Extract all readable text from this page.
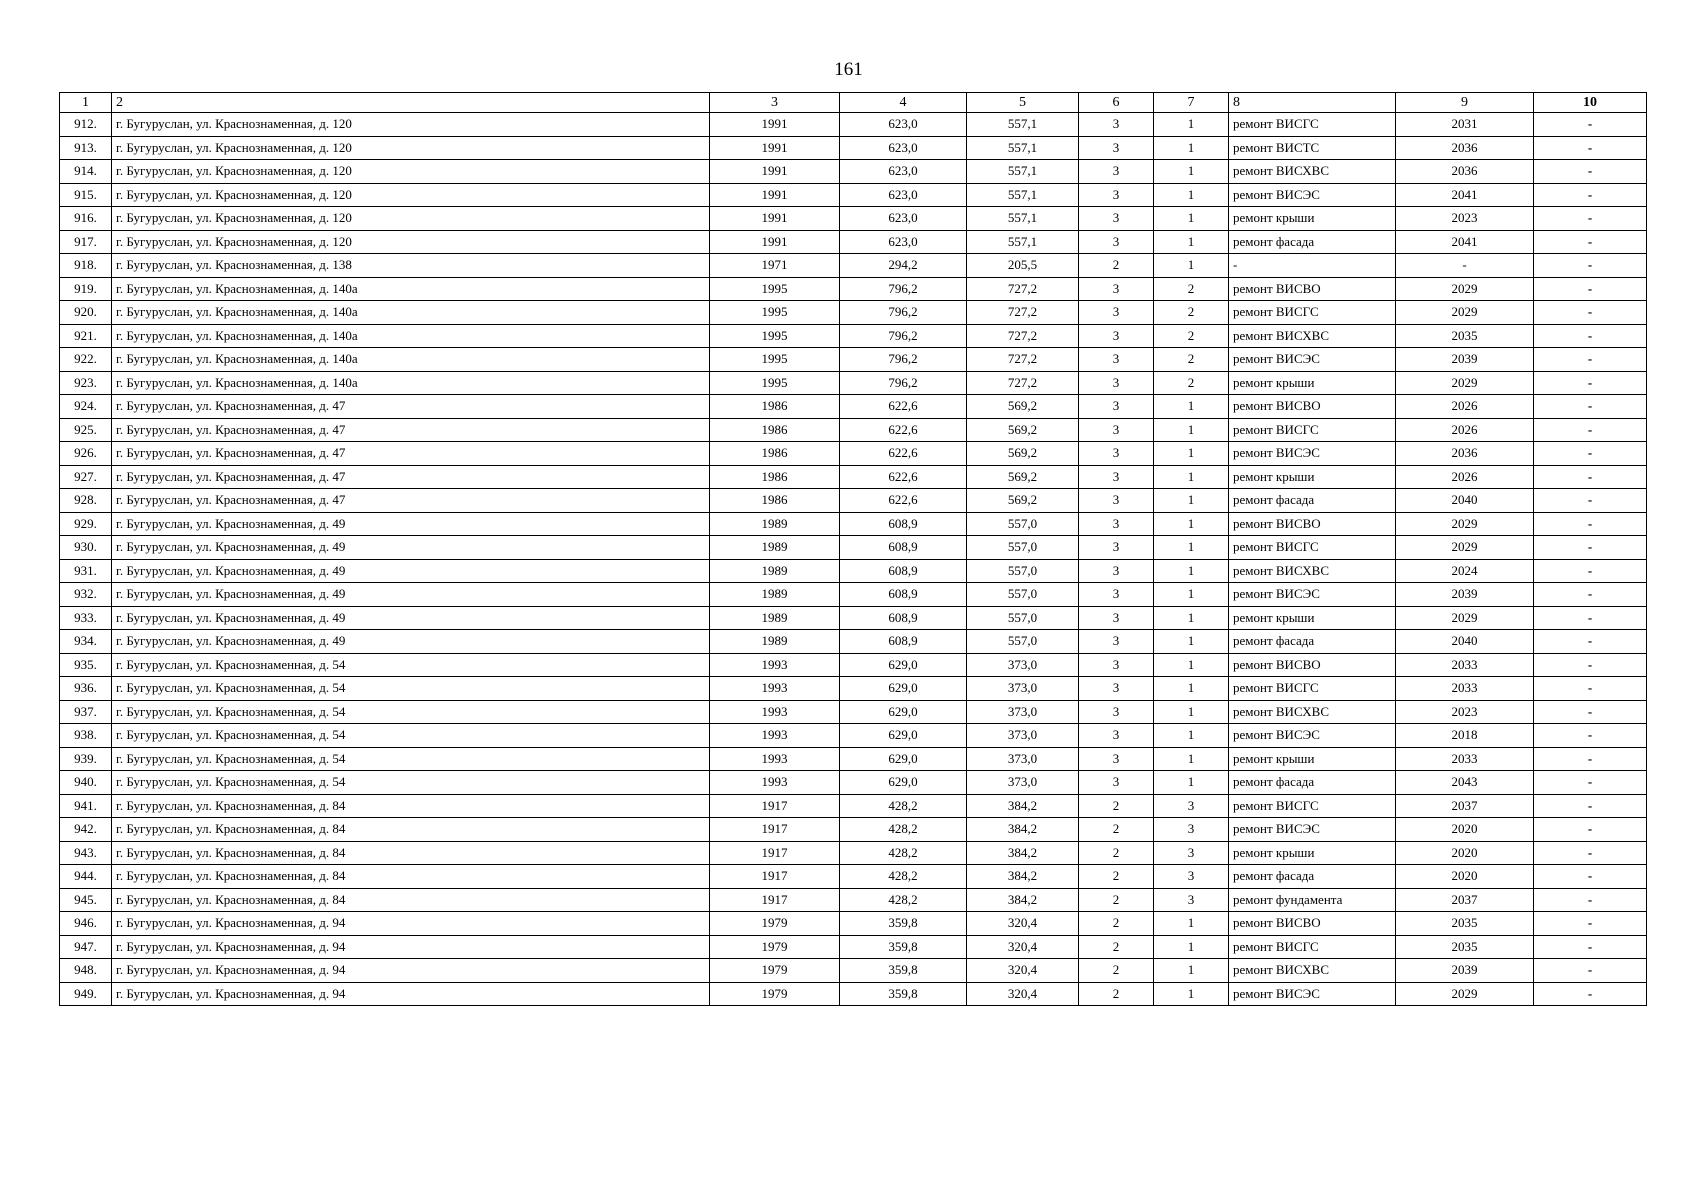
161
1	2	3	4	5	6	7	8	9	10
912.	г. Бугуруслан, ул. Краснознаменная, д. 120	1991	623,0	557,1	3	1	ремонт ВИСГС	2031	-
913.	г. Бугуруслан, ул. Краснознаменная, д. 120	1991	623,0	557,1	3	1	ремонт ВИСТС	2036	-
914.	г. Бугуруслан, ул. Краснознаменная, д. 120	1991	623,0	557,1	3	1	ремонт ВИСХВС	2036	-
915.	г. Бугуруслан, ул. Краснознаменная, д. 120	1991	623,0	557,1	3	1	ремонт ВИСЭС	2041	-
916.	г. Бугуруслан, ул. Краснознаменная, д. 120	1991	623,0	557,1	3	1	ремонт крыши	2023	-
917.	г. Бугуруслан, ул. Краснознаменная, д. 120	1991	623,0	557,1	3	1	ремонт фасада	2041	-
918.	г. Бугуруслан, ул. Краснознаменная, д. 138	1971	294,2	205,5	2	1	-	-	-
919.	г. Бугуруслан, ул. Краснознаменная, д. 140а	1995	796,2	727,2	3	2	ремонт ВИСВО	2029	-
920.	г. Бугуруслан, ул. Краснознаменная, д. 140а	1995	796,2	727,2	3	2	ремонт ВИСГС	2029	-
921.	г. Бугуруслан, ул. Краснознаменная, д. 140а	1995	796,2	727,2	3	2	ремонт ВИСХВС	2035	-
922.	г. Бугуруслан, ул. Краснознаменная, д. 140а	1995	796,2	727,2	3	2	ремонт ВИСЭС	2039	-
923.	г. Бугуруслан, ул. Краснознаменная, д. 140а	1995	796,2	727,2	3	2	ремонт крыши	2029	-
924.	г. Бугуруслан, ул. Краснознаменная, д. 47	1986	622,6	569,2	3	1	ремонт ВИСВО	2026	-
925.	г. Бугуруслан, ул. Краснознаменная, д. 47	1986	622,6	569,2	3	1	ремонт ВИСГС	2026	-
926.	г. Бугуруслан, ул. Краснознаменная, д. 47	1986	622,6	569,2	3	1	ремонт ВИСЭС	2036	-
927.	г. Бугуруслан, ул. Краснознаменная, д. 47	1986	622,6	569,2	3	1	ремонт крыши	2026	-
928.	г. Бугуруслан, ул. Краснознаменная, д. 47	1986	622,6	569,2	3	1	ремонт фасада	2040	-
929.	г. Бугуруслан, ул. Краснознаменная, д. 49	1989	608,9	557,0	3	1	ремонт ВИСВО	2029	-
930.	г. Бугуруслан, ул. Краснознаменная, д. 49	1989	608,9	557,0	3	1	ремонт ВИСГС	2029	-
931.	г. Бугуруслан, ул. Краснознаменная, д. 49	1989	608,9	557,0	3	1	ремонт ВИСХВС	2024	-
932.	г. Бугуруслан, ул. Краснознаменная, д. 49	1989	608,9	557,0	3	1	ремонт ВИСЭС	2039	-
933.	г. Бугуруслан, ул. Краснознаменная, д. 49	1989	608,9	557,0	3	1	ремонт крыши	2029	-
934.	г. Бугуруслан, ул. Краснознаменная, д. 49	1989	608,9	557,0	3	1	ремонт фасада	2040	-
935.	г. Бугуруслан, ул. Краснознаменная, д. 54	1993	629,0	373,0	3	1	ремонт ВИСВО	2033	-
936.	г. Бугуруслан, ул. Краснознаменная, д. 54	1993	629,0	373,0	3	1	ремонт ВИСГС	2033	-
937.	г. Бугуруслан, ул. Краснознаменная, д. 54	1993	629,0	373,0	3	1	ремонт ВИСХВС	2023	-
938.	г. Бугуруслан, ул. Краснознаменная, д. 54	1993	629,0	373,0	3	1	ремонт ВИСЭС	2018	-
939.	г. Бугуруслан, ул. Краснознаменная, д. 54	1993	629,0	373,0	3	1	ремонт крыши	2033	-
940.	г. Бугуруслан, ул. Краснознаменная, д. 54	1993	629,0	373,0	3	1	ремонт фасада	2043	-
941.	г. Бугуруслан, ул. Краснознаменная, д. 84	1917	428,2	384,2	2	3	ремонт ВИСГС	2037	-
942.	г. Бугуруслан, ул. Краснознаменная, д. 84	1917	428,2	384,2	2	3	ремонт ВИСЭС	2020	-
943.	г. Бугуруслан, ул. Краснознаменная, д. 84	1917	428,2	384,2	2	3	ремонт крыши	2020	-
944.	г. Бугуруслан, ул. Краснознаменная, д. 84	1917	428,2	384,2	2	3	ремонт фасада	2020	-
945.	г. Бугуруслан, ул. Краснознаменная, д. 84	1917	428,2	384,2	2	3	ремонт фундамента	2037	-
946.	г. Бугуруслан, ул. Краснознаменная, д. 94	1979	359,8	320,4	2	1	ремонт ВИСВО	2035	-
947.	г. Бугуруслан, ул. Краснознаменная, д. 94	1979	359,8	320,4	2	1	ремонт ВИСГС	2035	-
948.	г. Бугуруслан, ул. Краснознаменная, д. 94	1979	359,8	320,4	2	1	ремонт ВИСХВС	2039	-
949.	г. Бугуруслан, ул. Краснознаменная, д. 94	1979	359,8	320,4	2	1	ремонт ВИСЭС	2029	-
